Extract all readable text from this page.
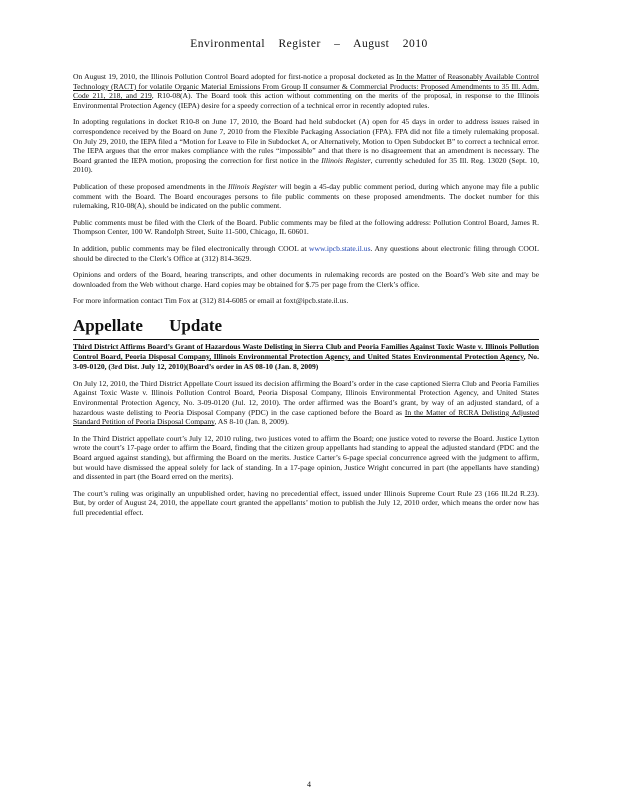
Environmental Register – August 2010

On August 19, 2010, the Illinois Pollution Control Board adopted for first-notice a proposal docketed as In the Matter of Reasonably Available Control Technology (RACT) for volatile Organic Material Emissions From Group II consumer & Commercial Products: Proposed Amendments to 35 Ill. Adm. Code 211, 218, and 219, R10-08(A). The Board took this action without commenting on the merits of the proposal, in response to the Illinois Environmental Protection Agency (IEPA) desire for a speedy correction of a technical error in recently adopted rules.

In adopting regulations in docket R10-8 on June 17, 2010, the Board had held subdocket (A) open for 45 days in order to address issues raised in correspondence received by the Board on June 7, 2010 from the Flexible Packaging Association (FPA). FPA did not file a timely rulemaking proposal. On July 29, 2010, the IEPA filed a “Motion for Leave to File in Subdocket A, or Alternatively, Motion to Open Subdocket B” to correct a technical error. The IEPA argues that the error makes compliance with the rules “impossible” and that there is no disagreement that an amendment is necessary. The Board granted the IEPA motion, proposing the correction for first notice in the Illinois Register, currently scheduled for 35 Ill. Reg. 13020 (Sept. 10, 2010).

Publication of these proposed amendments in the Illinois Register will begin a 45-day public comment period, during which anyone may file a public comment with the Board. The Board encourages persons to file public comments on these proposed amendments. The docket number for this rulemaking, R10-08(A), should be indicated on the public comment.

Public comments must be filed with the Clerk of the Board. Public comments may be filed at the following address: Pollution Control Board, James R. Thompson Center, 100 W. Randolph Street, Suite 11-500, Chicago, IL 60601.

In addition, public comments may be filed electronically through COOL at www.ipcb.state.il.us. Any questions about electronic filing through COOL should be directed to the Clerk’s Office at (312) 814-3629.

Opinions and orders of the Board, hearing transcripts, and other documents in rulemaking records are posted on the Board’s Web site and may be downloaded from the Web without charge. Hard copies may be obtained for $.75 per page from the Clerk’s office.

For more information contact Tim Fox at (312) 814-6085 or email at foxt@ipcb.state.il.us.

Appellate Update
Third District Affirms Board’s Grant of Hazardous Waste Delisting in Sierra Club and Peoria Families Against Toxic Waste v. Illinois Pollution Control Board, Peoria Disposal Company, Illinois Environmental Protection Agency, and United States Environmental Protection Agency, No. 3-09-0120, (3rd Dist. July 12, 2010)(Board’s order in AS 08-10 (Jan. 8, 2009)

On July 12, 2010, the Third District Appellate Court issued its decision affirming the Board’s order in the case captioned Sierra Club and Peoria Families Against Toxic Waste v. Illinois Pollution Control Board, Peoria Disposal Company, Illinois Environmental Protection Agency, and United States Environmental Protection Agency, No. 3-09-0120 (Jul. 12, 2010). The order affirmed was the Board’s grant, by way of an adjusted standard, of a hazardous waste delisting to Peoria Disposal Company (PDC) in the case captioned before the Board as In the Matter of RCRA Delisting Adjusted Standard Petition of Peoria Disposal Company, AS 8-10 (Jan. 8, 2009).

In the Third District appellate court’s July 12, 2010 ruling, two justices voted to affirm the Board; one justice voted to reverse the Board. Justice Lytton wrote the court’s 17-page order to affirm the Board, finding that the citizen group appellants had standing to appeal the adjusted standard (PDC and the Board argued against standing), but affirming the Board on the merits. Justice Carter’s 6-page special concurrence agreed with the judgment to affirm, but would have dismissed the appeal solely for lack of standing. In a 17-page opinion, Justice Wright concurred in part (the appellants have standing) and dissented in part (the Board erred on the merits).

The court’s ruling was originally an unpublished order, having no precedential effect, issued under Illinois Supreme Court Rule 23 (166 Ill.2d R.23). But, by order of August 24, 2010, the appellate court granted the appellants’ motion to publish the July 12, 2010 order, which means the order now has full precedential effect.

4
